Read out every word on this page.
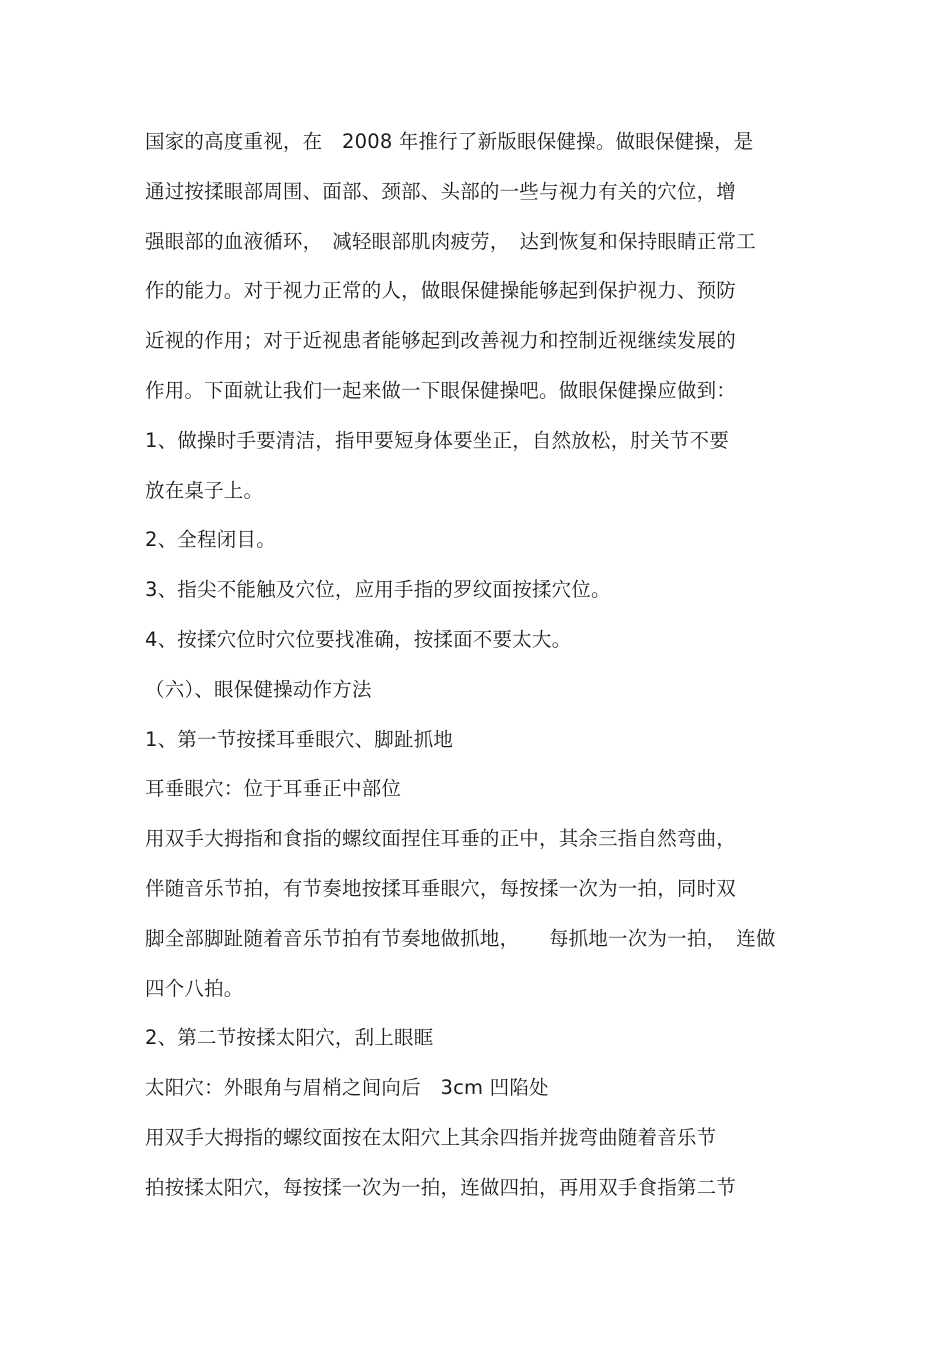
国家的高度重视，在　2008 年推行了新版眼保健操。做眼保健操，是
通过按揉眼部周围、面部、颈部、头部的一些与视力有关的穴位，增
强眼部的血液循环，　减轻眼部肌肉疲劳，　达到恢复和保持眼睛正常工
作的能力。对于视力正常的人，做眼保健操能够起到保护视力、预防
近视的作用；对于近视患者能够起到改善视力和控制近视继续发展的
作用。下面就让我们一起来做一下眼保健操吧。做眼保健操应做到：
1、做操时手要清洁，指甲要短身体要坐正，自然放松，肘关节不要
放在桌子上。
2、全程闭目。
3、指尖不能触及穴位，应用手指的罗纹面按揉穴位。
4、按揉穴位时穴位要找准确，按揉面不要太大。
（六）、眼保健操动作方法
1、第一节按揉耳垂眼穴、脚趾抓地
耳垂眼穴：位于耳垂正中部位
用双手大拇指和食指的螺纹面捏住耳垂的正中，其余三指自然弯曲，
伴随音乐节拍，有节奏地按揉耳垂眼穴，每按揉一次为一拍，同时双
脚全部脚趾随着音乐节拍有节奏地做抓地，　　每抓地一次为一拍，　连做
四个八拍。
2、第二节按揉太阳穴，刮上眼眶
太阳穴：外眼角与眉梢之间向后　3cm 凹陷处
用双手大拇指的螺纹面按在太阳穴上其余四指并拢弯曲随着音乐节
拍按揉太阳穴，每按揉一次为一拍，连做四拍，再用双手食指第二节
